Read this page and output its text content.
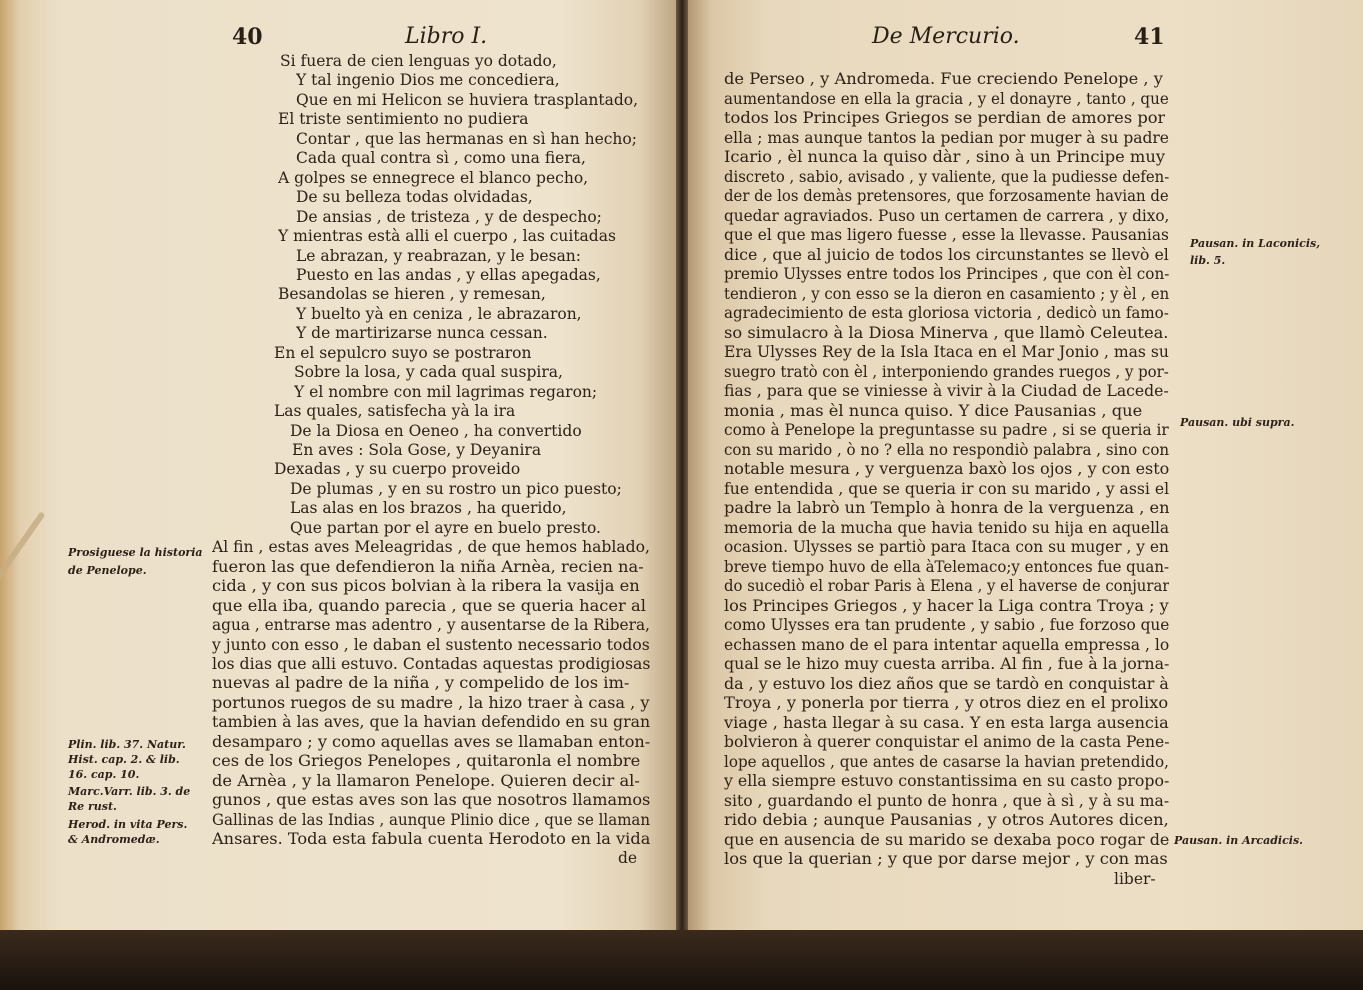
40	Libro I.
Prosiguese la historia
de Penelope.
Plin. lib. 37. Natur.
Hist. cap. 2. & lib.
16. cap. 10.
Marc.Varr. lib. 3. de
Re rust.
Herod. in vita Pers.
& Andromedæ.
Si fuera de cien lenguas yo dotado,
Y tal ingenio Dios me concediera,
Que en mi Helicon se huviera trasplantado,
El triste sentimiento no pudiera
Contar , que las hermanas en sì han hecho;
Cada qual contra sì , como una fiera,
A golpes se ennegrece el blanco pecho,
De su belleza todas olvidadas,
De ansias , de tristeza , y de despecho;
Y mientras està alli el cuerpo , las cuitadas
Le abrazan, y reabrazan, y le besan:
Puesto en las andas , y ellas apegadas,
Besandolas se hieren , y remesan,
Y buelto yà en ceniza , le abrazaron,
Y de martirizarse nunca cessan.
En el sepulcro suyo se postraron
Sobre la losa, y cada qual suspira,
Y el nombre con mil lagrimas regaron;
Las quales, satisfecha yà la ira
De la Diosa en Oeneo , ha convertido
En aves : Sola Gose, y Deyanira
Dexadas , y su cuerpo proveido
De plumas , y en su rostro un pico puesto;
Las alas en los brazos , ha querido,
Que partan por el ayre en buelo presto.
Al fin , estas aves Meleagridas , de que hemos hablado,
fueron las que defendieron la niña Arnèa, recien na-
cida , y con sus picos bolvian à la ribera la vasija en
que ella iba, quando parecia , que se queria hacer al
agua , entrarse mas adentro , y ausentarse de la Ribera,
y junto con esso , le daban el sustento necessario todos
los dias que alli estuvo. Contadas aquestas prodigiosas
nuevas al padre de la niña , y compelido de los im-
portunos ruegos de su madre , la hizo traer à casa , y
tambien à las aves, que la havian defendido en su gran
desamparo ; y como aquellas aves se llamaban enton-
ces de los Griegos Penelopes , quitaronla el nombre
de Arnèa , y la llamaron Penelope. Quieren decir al-
gunos , que estas aves son las que nosotros llamamos
Gallinas de las Indias , aunque Plinio dice , que se llaman
Ansares. Toda esta fabula cuenta Herodoto en la vida
de
De Mercurio.	41
de Perseo , y Andromeda. Fue creciendo Penelope , y
aumentandose en ella la gracia , y el donayre , tanto , que
todos los Principes Griegos se perdian de amores por
ella ; mas aunque tantos la pedian por muger à su padre
Icario , èl nunca la quiso dàr , sino à un Principe muy
discreto , sabio, avisado , y valiente, que la pudiesse defen-
der de los demàs pretensores, que forzosamente havian de
quedar agraviados. Puso un certamen de carrera , y dixo,
que el que mas ligero fuesse , esse la llevasse. Pausanias
dice , que al juicio de todos los circunstantes se llevò el
premio Ulysses entre todos los Principes , que con èl con-
tendieron , y con esso se la dieron en casamiento ; y èl , en
agradecimiento de esta gloriosa victoria , dedicò un famo-
so simulacro à la Diosa Minerva , que llamò Celeutea.
Era Ulysses Rey de la Isla Itaca en el Mar Jonio , mas su
suegro tratò con èl , interponiendo grandes ruegos , y por-
fias , para que se viniesse à vivir à la Ciudad de Lacede-
monia , mas èl nunca quiso. Y dice Pausanias , que
como à Penelope la preguntasse su padre , si se queria ir
con su marido , ò no ? ella no respondiò palabra , sino con
notable mesura , y verguenza baxò los ojos , y con esto
fue entendida , que se queria ir con su marido , y assi el
padre la labrò un Templo à honra de la verguenza , en
memoria de la mucha que havia tenido su hija en aquella
ocasion. Ulysses se partiò para Itaca con su muger , y en
breve tiempo huvo de ella àTelemaco;y entonces fue quan-
do sucediò el robar Paris à Elena , y el haverse de conjurar
los Principes Griegos , y hacer la Liga contra Troya ; y
como Ulysses era tan prudente , y sabio , fue forzoso que
echassen mano de el para intentar aquella empressa , lo
qual se le hizo muy cuesta arriba. Al fin , fue à la jorna-
da , y estuvo los diez años que se tardò en conquistar à
Troya , y ponerla por tierra , y otros diez en el prolixo
viage , hasta llegar à su casa. Y en esta larga ausencia
bolvieron à querer conquistar el animo de la casta Pene-
lope aquellos , que antes de casarse la havian pretendido,
y ella siempre estuvo constantissima en su casto propo-
sito , guardando el punto de honra , que à sì , y à su ma-
rido debia ; aunque Pausanias , y otros Autores dicen,
que en ausencia de su marido se dexaba poco rogar de
los que la querian ; y que por darse mejor , y con mas
liber-
Pausan. in Laconicis,
lib. 5.
Pausan. ubi supra.
Pausan. in Arcadicis.
